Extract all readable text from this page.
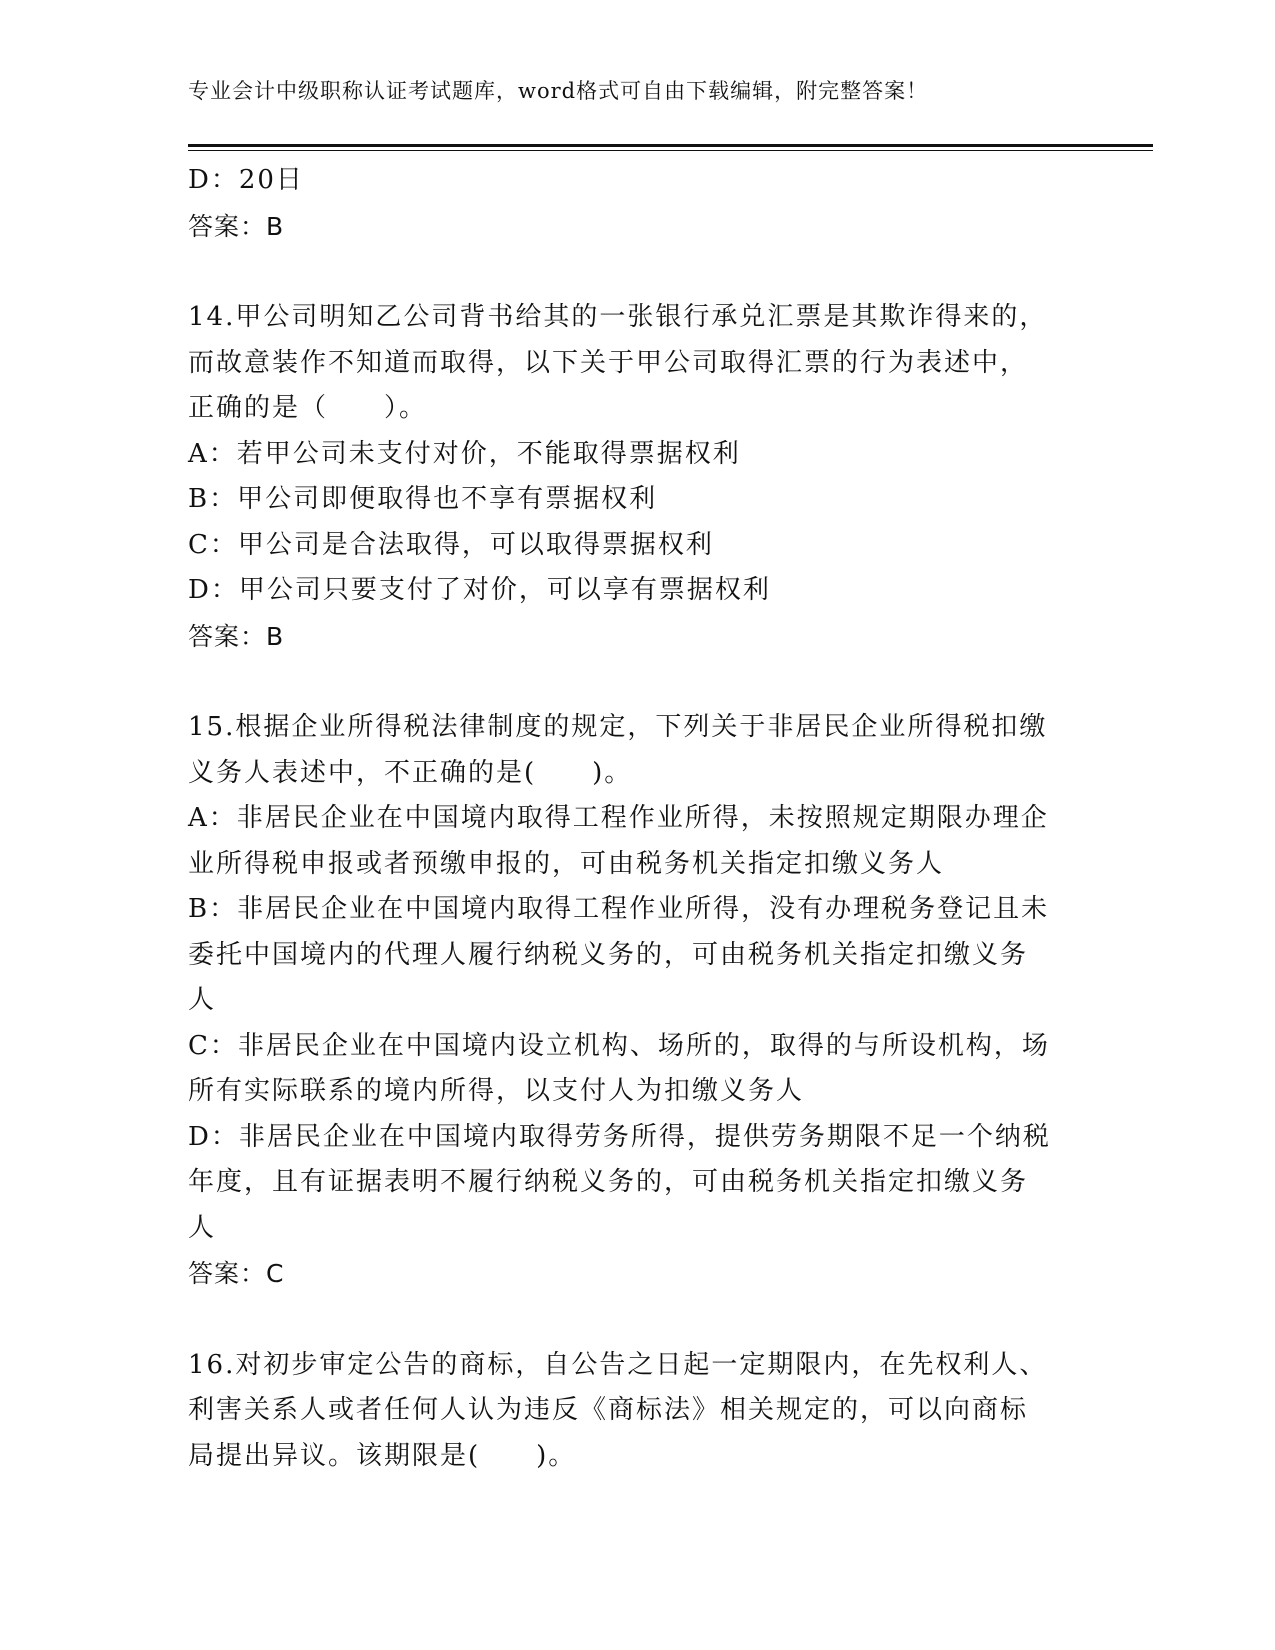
专业会计中级职称认证考试题库，word格式可自由下载编辑，附完整答案！
D：20日
答案：B
14.甲公司明知乙公司背书给其的一张银行承兑汇票是其欺诈得来的，
而故意装作不知道而取得，以下关于甲公司取得汇票的行为表述中，
正确的是（　　）。
A：若甲公司未支付对价，不能取得票据权利
B：甲公司即便取得也不享有票据权利
C：甲公司是合法取得，可以取得票据权利
D：甲公司只要支付了对价，可以享有票据权利
答案：B
15.根据企业所得税法律制度的规定，下列关于非居民企业所得税扣缴
义务人表述中，不正确的是(　　)。
A：非居民企业在中国境内取得工程作业所得，未按照规定期限办理企
业所得税申报或者预缴申报的，可由税务机关指定扣缴义务人
B：非居民企业在中国境内取得工程作业所得，没有办理税务登记且未
委托中国境内的代理人履行纳税义务的，可由税务机关指定扣缴义务
人
C：非居民企业在中国境内设立机构、场所的，取得的与所设机构，场
所有实际联系的境内所得，以支付人为扣缴义务人
D：非居民企业在中国境内取得劳务所得，提供劳务期限不足一个纳税
年度，且有证据表明不履行纳税义务的，可由税务机关指定扣缴义务
人
答案：C
16.对初步审定公告的商标，自公告之日起一定期限内，在先权利人、
利害关系人或者任何人认为违反《商标法》相关规定的，可以向商标
局提出异议。该期限是(　　)。
